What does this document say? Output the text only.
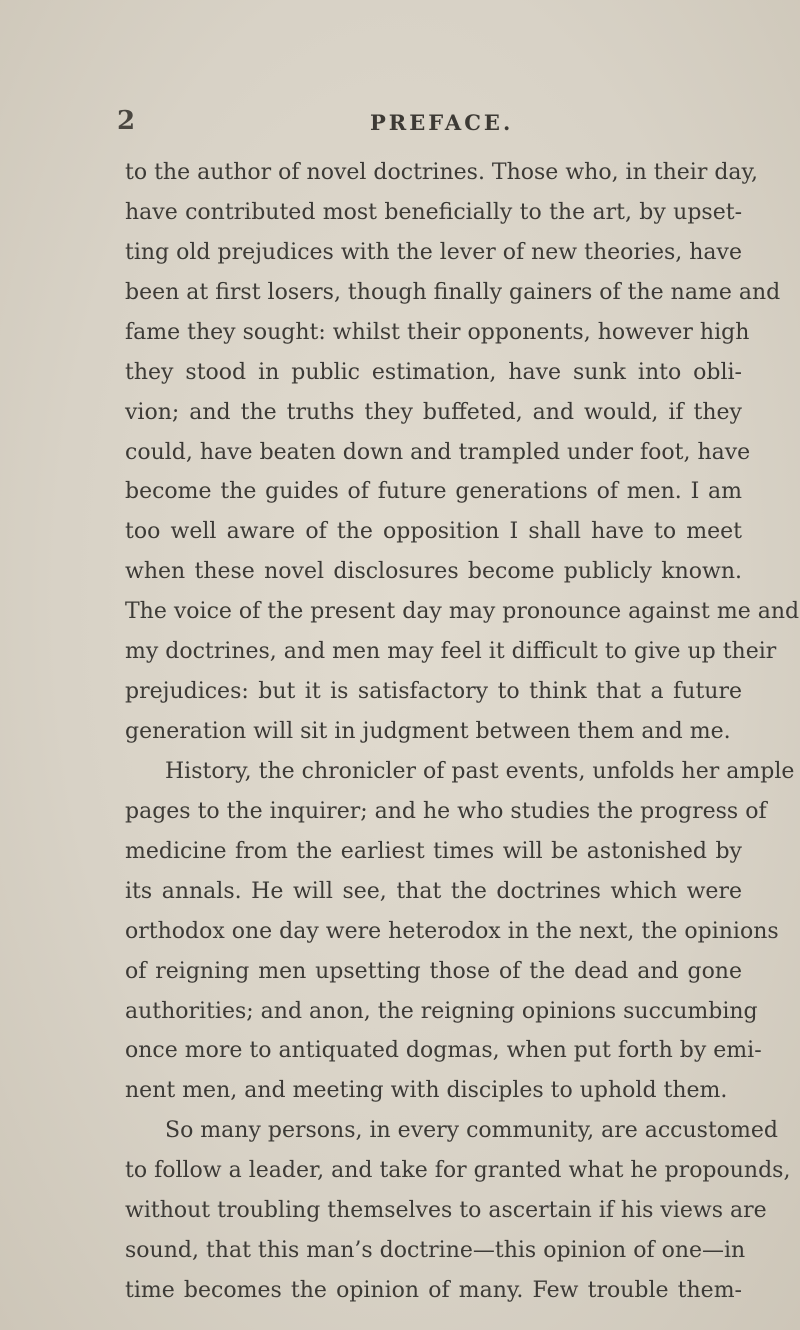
2	PREFACE.
to the author of novel doctrines. Those who, in their day,
have contributed most beneficially to the art, by upset-
ting old prejudices with the lever of new theories, have
been at first losers, though finally gainers of the name and
fame they sought: whilst their opponents, however high
they stood in public estimation, have sunk into obli-
vion; and the truths they buffeted, and would, if they
could, have beaten down and trampled under foot, have
become the guides of future generations of men. I am
too well aware of the opposition I shall have to meet
when these novel disclosures become publicly known.
The voice of the present day may pronounce against me and
my doctrines, and men may feel it difficult to give up their
prejudices: but it is satisfactory to think that a future
generation will sit in judgment between them and me.
History, the chronicler of past events, unfolds her ample
pages to the inquirer; and he who studies the progress of
medicine from the earliest times will be astonished by
its annals. He will see, that the doctrines which were
orthodox one day were heterodox in the next, the opinions
of reigning men upsetting those of the dead and gone
authorities; and anon, the reigning opinions succumbing
once more to antiquated dogmas, when put forth by emi-
nent men, and meeting with disciples to uphold them.
So many persons, in every community, are accustomed
to follow a leader, and take for granted what he propounds,
without troubling themselves to ascertain if his views are
sound, that this man’s doctrine—this opinion of one—in
time becomes the opinion of many. Few trouble them-
